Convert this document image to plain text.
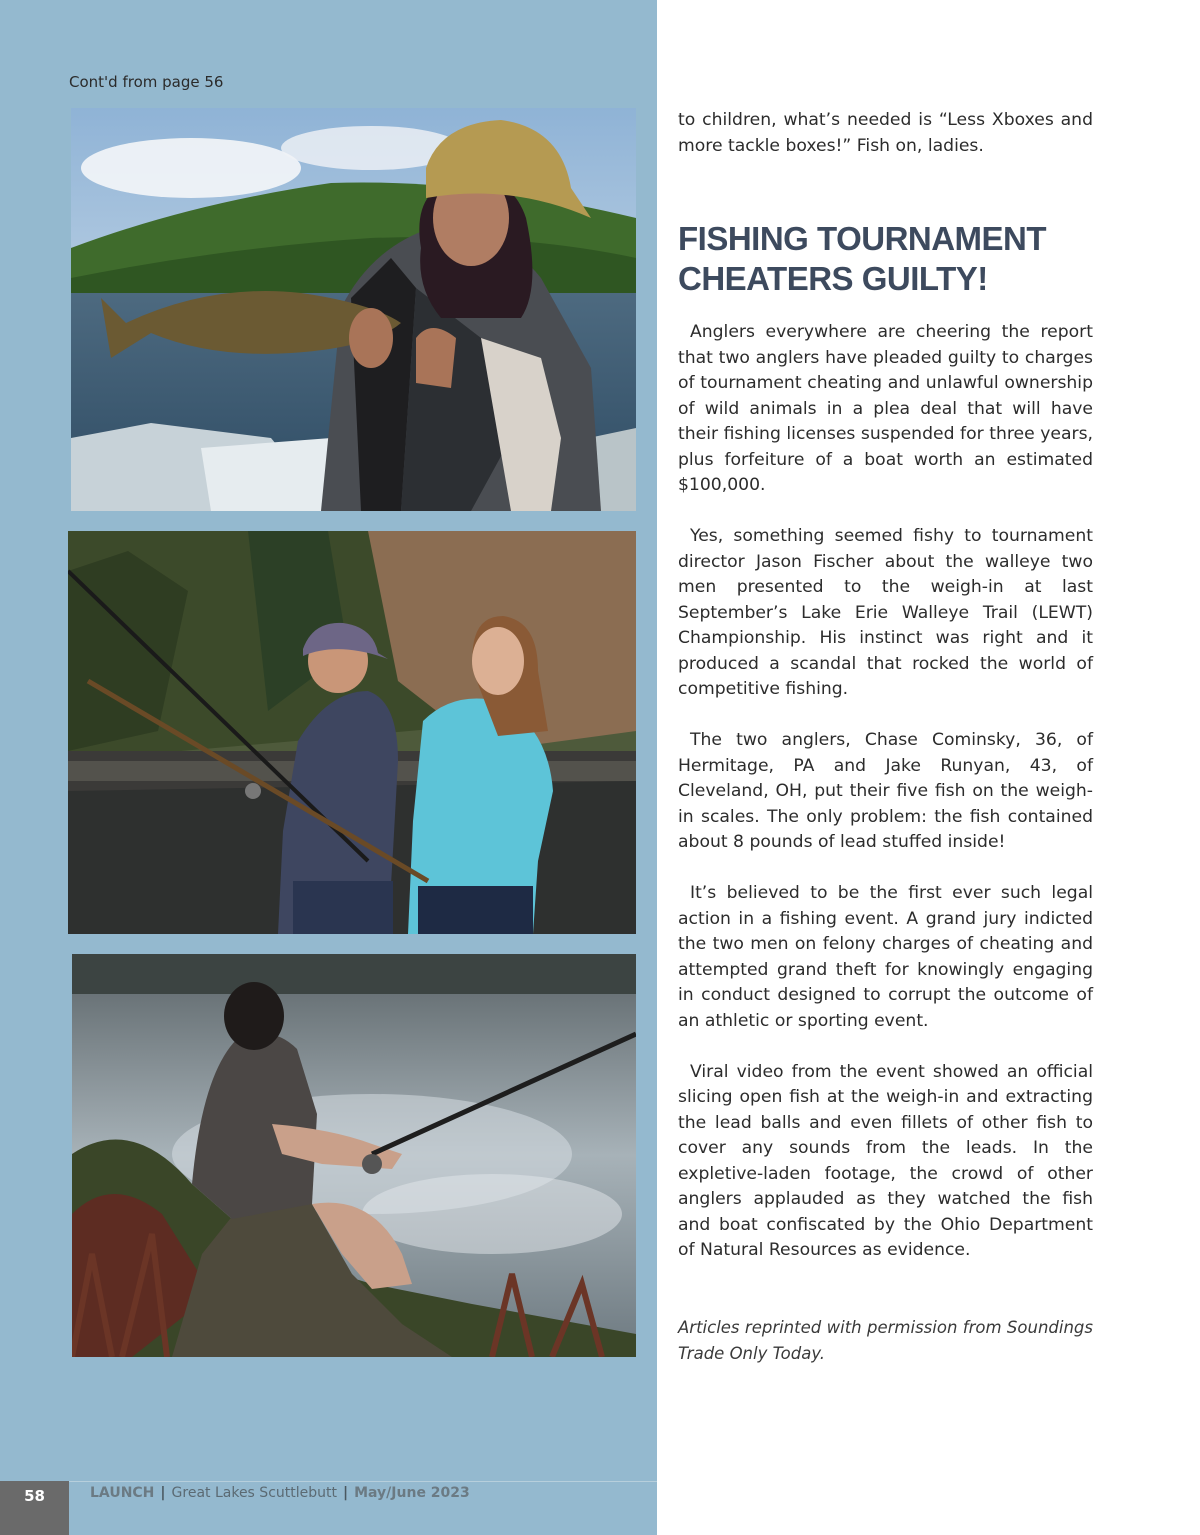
Cont'd from page 56

to children, what’s needed is “Less Xboxes and more tackle boxes!” Fish on, ladies.

FISHING TOURNAMENT
CHEATERS GUILTY!

Anglers everywhere are cheering the report that two anglers have pleaded guilty to charges of tournament cheating and unlawful ownership of wild animals in a plea deal that will have their fishing licenses suspended for three years, plus forfeiture of a boat worth an estimated $100,000.

Yes, something seemed fishy to tournament director Jason Fischer about the walleye two men presented to the weigh-in at last September’s Lake Erie Walleye Trail (LEWT) Championship. His instinct was right and it produced a scandal that rocked the world of competitive fishing.

The two anglers, Chase Cominsky, 36, of Hermitage, PA and Jake Runyan, 43, of Cleveland, OH, put their five fish on the weigh-in scales. The only problem: the fish contained about 8 pounds of lead stuffed inside!

It’s believed to be the first ever such legal action in a fishing event. A grand jury indicted the two men on felony charges of cheating and attempted grand theft for knowingly engaging in conduct designed to corrupt the outcome of an athletic or sporting event.

Viral video from the event showed an official slicing open fish at the weigh-in and extracting the lead balls and even fillets of other fish to cover any sounds from the leads. In the expletive-laden footage, the crowd of other anglers applauded as they watched the fish and boat confiscated by the Ohio Department of Natural Resources as evidence.

Articles reprinted with permission from Soundings Trade Only Today.
58	LAUNCH | Great Lakes Scuttlebutt | May/June 2023
